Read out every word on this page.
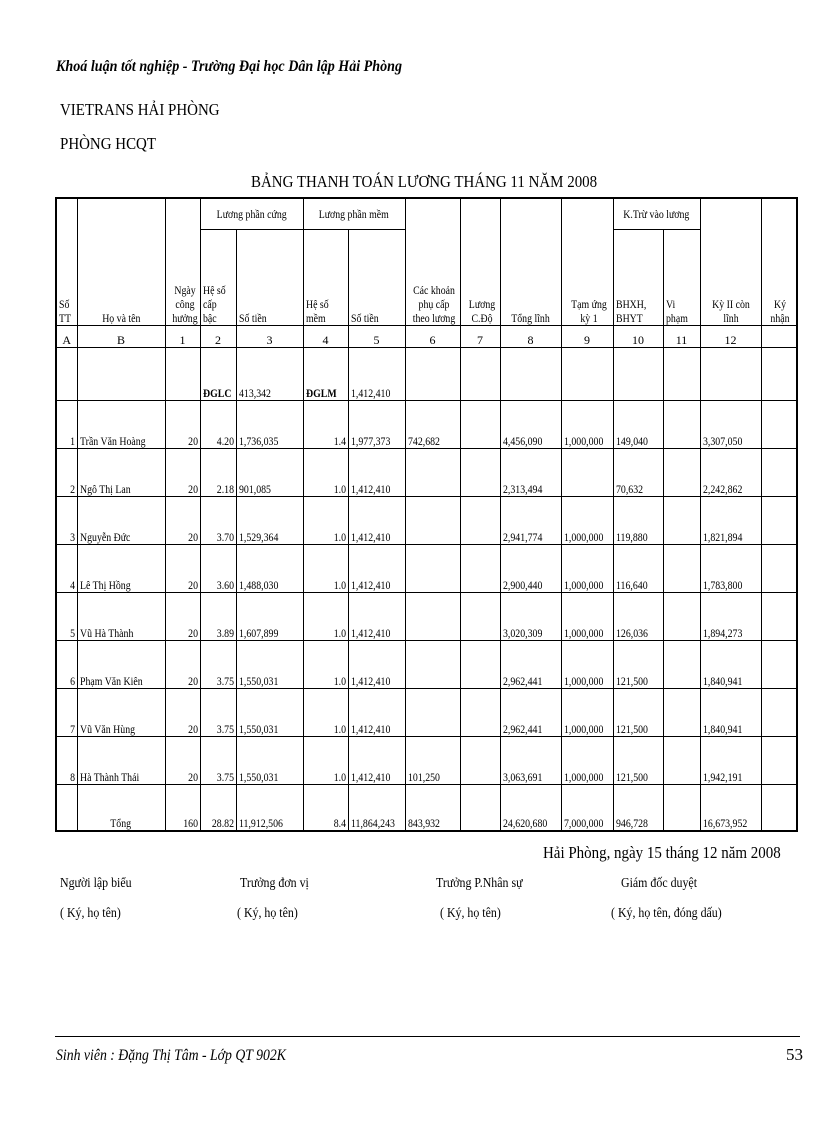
Khoá luận tốt nghiệp - Trường Đại học Dân lập Hải Phòng
VIETRANS HẢI PHÒNG
PHÒNG HCQT
BẢNG THANH TOÁN LƯƠNG THÁNG 11 NĂM 2008
Số TT	Họ và tên	Ngày công hưởng	Lương phần cứng		Lương phần mềm		Các khoản phụ cấp theo lương	Lương C.Độ	Tổng lĩnh	Tạm ứng kỳ 1	K.Trừ vào lương		Kỳ II còn lĩnh	Ký nhận
			Hệ số cấp bậc	Số tiền	Hệ số mềm	Số tiền					BHXH, BHYT	Vi phạm		
A	B	1	2	3	4	5	6	7	8	9	10	11	12	
			ĐGLC	413,342	ĐGLM	1,412,410								
1	Trần Văn Hoàng	20	4.20	1,736,035	1.4	1,977,373	742,682		4,456,090	1,000,000	149,040		3,307,050	
2	Ngô Thị Lan	20	2.18	901,085	1.0	1,412,410			2,313,494		70,632		2,242,862	
3	Nguyễn Đức	20	3.70	1,529,364	1.0	1,412,410			2,941,774	1,000,000	119,880		1,821,894	
4	Lê Thị Hồng	20	3.60	1,488,030	1.0	1,412,410			2,900,440	1,000,000	116,640		1,783,800	
5	Vũ Hà Thành	20	3.89	1,607,899	1.0	1,412,410			3,020,309	1,000,000	126,036		1,894,273	
6	Phạm Văn Kiên	20	3.75	1,550,031	1.0	1,412,410			2,962,441	1,000,000	121,500		1,840,941	
7	Vũ Văn Hùng	20	3.75	1,550,031	1.0	1,412,410			2,962,441	1,000,000	121,500		1,840,941	
8	Hà Thành Thái	20	3.75	1,550,031	1.0	1,412,410	101,250		3,063,691	1,000,000	121,500		1,942,191	
	Tổng	160	28.82	11,912,506	8.4	11,864,243	843,932		24,620,680	7,000,000	946,728		16,673,952	
Hải Phòng, ngày 15 tháng 12 năm 2008
Người lập biểu
( Ký, họ tên)
Trưởng đơn vị
( Ký, họ tên)
Trưởng P.Nhân sự
( Ký, họ tên)
Giám đốc duyệt
( Ký, họ tên, đóng dấu)
Sinh viên : Đặng Thị Tâm - Lớp QT 902K	53
